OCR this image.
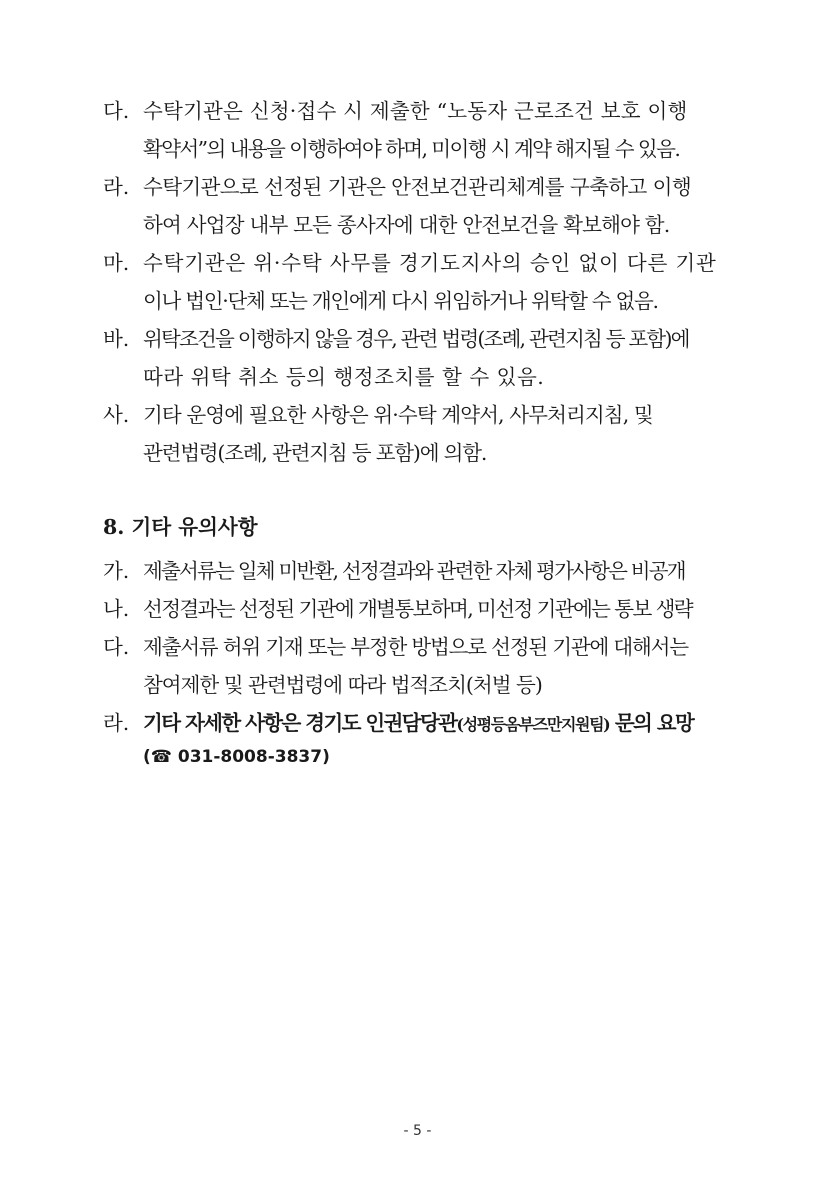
다. 수탁기관은 신청·접수 시 제출한 “노동자 근로조건 보호 이행
확약서”의 내용을 이행하여야 하며, 미이행 시 계약 해지될 수 있음.
라. 수탁기관으로 선정된 기관은 안전보건관리체계를 구축하고 이행
하여 사업장 내부 모든 종사자에 대한 안전보건을 확보해야 함.
마. 수탁기관은 위·수탁 사무를 경기도지사의 승인 없이 다른 기관
이나 법인·단체 또는 개인에게 다시 위임하거나 위탁할 수 없음.
바. 위탁조건을 이행하지 않을 경우, 관련 법령(조례, 관련지침 등 포함)에
따라 위탁 취소 등의 행정조치를 할 수 있음.
사. 기타 운영에 필요한 사항은 위·수탁 계약서, 사무처리지침, 및
관련법령(조례, 관련지침 등 포함)에 의함.
8. 기타 유의사항
가. 제출서류는 일체 미반환, 선정결과와 관련한 자체 평가사항은 비공개
나. 선정결과는 선정된 기관에 개별통보하며, 미선정 기관에는 통보 생략
다. 제출서류 허위 기재 또는 부정한 방법으로 선정된 기관에 대해서는
참여제한 및 관련법령에 따라 법적조치(처벌 등)
라. 기타 자세한 사항은 경기도 인권담당관(성평등옴부즈만지원팀) 문의 요망
(☎ 031-8008-3837)
- 5 -
